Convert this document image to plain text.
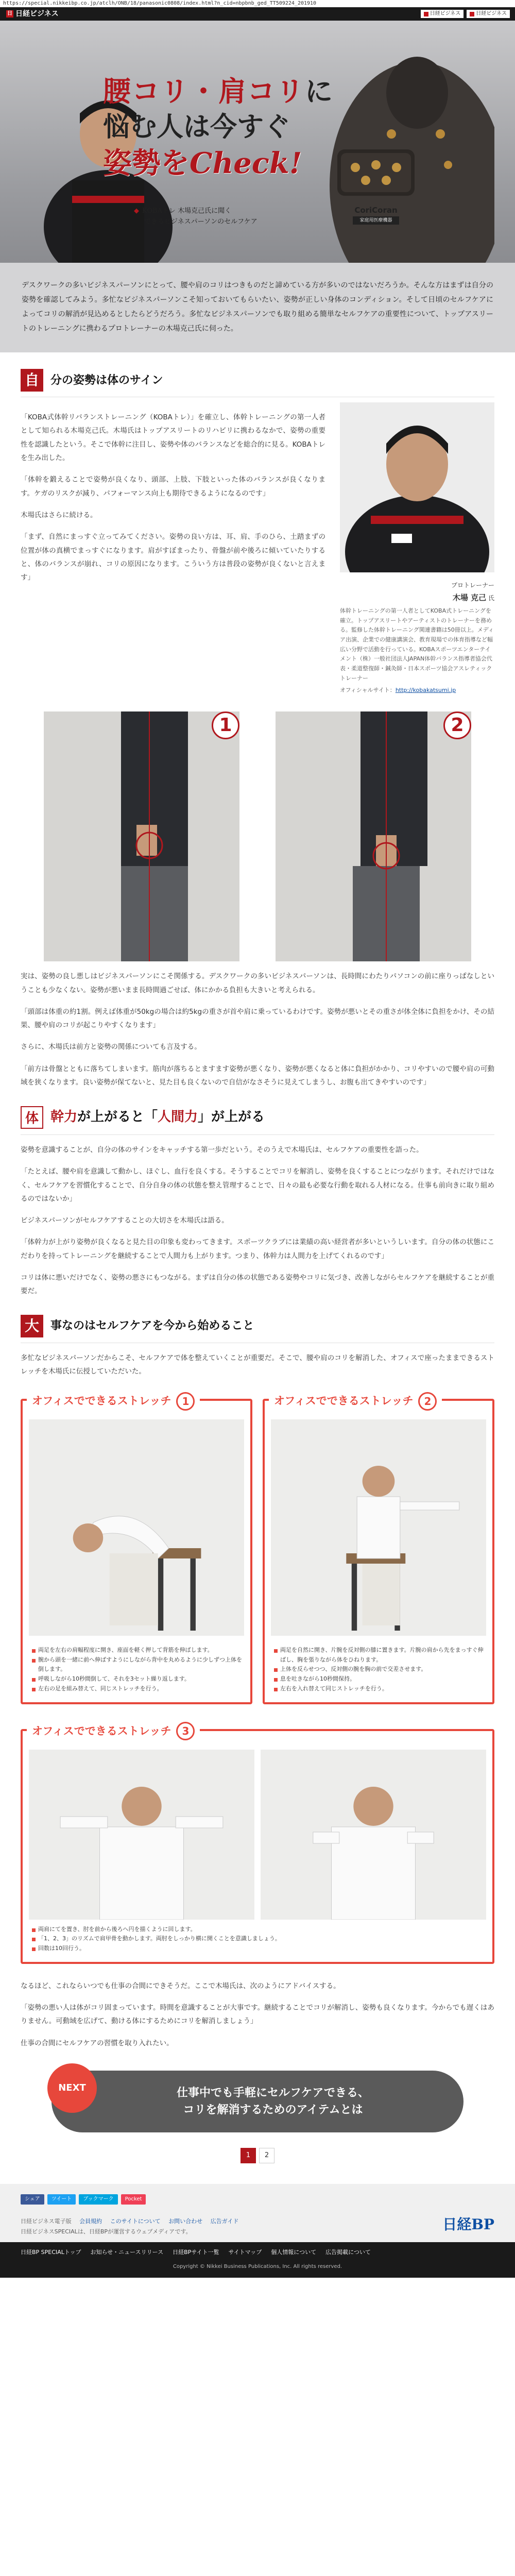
https://special.nikkeibp.co.jp/atclh/ONB/18/panasonic0808/index.html?n_cid=nbpbnb_ged_TT509224_201910
日 日経ビジネス	日経ビジネス	日経ビジネス
腰コリ・肩コリに
悩む人は今すぐ
姿勢をCheck!
◆ KOBAトレ 木場克己氏に聞く
できるビジネスパーソンのセルフケア
CoriCoran
家庭用医療機器
デスクワークの多いビジネスパーソンにとって、腰や肩のコリはつきものだと諦めている方が多いのではないだろうか。そんな方はまずは自分の姿勢を確認してみよう。多忙なビジネスパーソンこそ知っておいてもらいたい、姿勢が正しい身体のコンディション。そして日頃のセルフケアによってコリの解消が見込めるとしたらどうだろう。多忙なビジネスパーソンでも取り組める簡単なセルフケアの重要性について、トップアスリートのトレーニングに携わるプロトレーナーの木場克己氏に伺った。
自	分の姿勢は体のサイン

「KOBA式体幹リバランストレーニング（KOBAトレ）」を確立し、体幹トレーニングの第一人者として知られる木場克己氏。木場氏はトップアスリートのリハビリに携わるなかで、姿勢の重要性を認識したという。そこで体幹に注目し、姿勢や体のバランスなどを総合的に見る。KOBAトレを生み出した。

「体幹を鍛えることで姿勢が良くなり、頭部、上肢、下肢といった体のバランスが良くなります。ケガのリスクが減り、パフォーマンス向上も期待できるようになるのです」

木場氏はさらに続ける。

「まず、自然にまっすぐ立ってみてください。姿勢の良い方は、耳、肩、手のひら、土踏まずの位置が体の真横でまっすぐになります。肩がすぼまったり、骨盤が前や後ろに傾いていたりすると、体のバランスが崩れ、コリの原因になります。こういう方は普段の姿勢が良くないと言えます」

プロトレーナー
木場 克己 氏
体幹トレーニングの第一人者としてKOBA式トレーニングを確立。トップアスリートやアーティストのトレーナーを務める。監修した体幹トレーニング関連書籍は50冊以上。メディア出演、企業での健康講演会、教育現場での体育指導など幅広い分野で活動を行っている。KOBAスポーツエンターテイメント（株）一般社団法人JAPAN体幹バランス指導者協会代表・柔道整復師・鍼灸師・日本スポーツ協会アスレティックトレーナー
オフィシャルサイト：http://kobakatsumi.jp
1	2

実は、姿勢の良し悪しはビジネスパーソンにこそ関係する。デスクワークの多いビジネスパーソンは、長時間にわたりパソコンの前に座りっぱなしということも少なくない。姿勢が悪いまま長時間過ごせば、体にかかる負担も大きいと考えられる。

「頭部は体重の約1割。例えば体重が50kgの場合は約5kgの重さが首や肩に乗っているわけです。姿勢が悪いとその重さが体全体に負担をかけ、その結果、腰や肩のコリが起こりやすくなります」

さらに、木場氏は前方と姿勢の関係についても言及する。

「前方は骨盤とともに落ちてしまいます。筋肉が落ちるとますます姿勢が悪くなり、姿勢が悪くなると体に負担がかかり、コリやすいので腰や肩の可動域を狭くなります。良い姿勢が保てないと、見た目も良くないので自信がなさそうに見えてしまうし、お腹も出てきやすいのです」

体 幹力が上がると「人間力」が上がる

姿勢を意識することが、自分の体のサインをキャッチする第一歩だという。そのうえで木場氏は、セルフケアの重要性を語った。

「たとえば、腰や肩を意識して動かし、ほぐし、血行を良くする。そうすることでコリを解消し、姿勢を良くすることにつながります。それだけではなく、セルフケアを習慣化することで、自分自身の体の状態を整え管理することで、日々の最も必要な行動を取れる人材になる。仕事も前向きに取り組めるのではないか」

ビジネスパーソンがセルフケアすることの大切さを木場氏は語る。

「体幹力が上がり姿勢が良くなると見た目の印象も変わってきます。スポーツクラブには業績の高い経営者が多いというしいます。自分の体の状態にこだわりを持ってトレーニングを継続することで人間力も上がります。つまり、体幹力は人間力を上げてくれるのです」

コリは体に悪いだけでなく、姿勢の悪さにもつながる。まずは自分の体の状態である姿勢やコリに気づき、改善しながらセルフケアを継続することが重要だ。

大	事なのはセルフケアを今から始めること

多忙なビジネスパーソンだからこそ、セルフケアで体を整えていくことが重要だ。そこで、腰や肩のコリを解消した、オフィスで座ったままできるストレッチを木場氏に伝授していただいた。

オフィスでできるストレッチ	1
両足を左右の肩幅程度に開き、座面を軽く押して背筋を伸ばします。
腕から頭を一緒に前へ伸ばすようにしながら背中を丸めるように少しずつ上体を倒します。
呼吸しながら10秒間倒して、それを3セット繰り返します。
左右の足を組み替えて、同じストレッチを行う。
オフィスでできるストレッチ	2
両足を自然に開き、片腕を反対側の膝に置きます。片腕の肩から先をまっすぐ伸ばし、胸を張りながら体をひねります。
上体を反らせつつ、反対側の腕を胸の前で交差させます。
息を吐きながら10秒間保持。
左右を入れ替えて同じストレッチを行う。
オフィスでできるストレッチ	3
両肩にてを置き、肘を前から後ろへ円を描くように回します。
「1、2、3」のリズムで肩甲骨を動かします。両肘をしっかり横に開くことを意識しましょう。
回数は10回行う。

なるほど、これならいつでも仕事の合間にできそうだ。ここで木場氏は、次のようにアドバイスする。

「姿勢の悪い人は体がコリ固まっています。時間を意識することが大事です。継続することでコリが解消し、姿勢も良くなります。今からでも遅くはありません。可動域を広げて、動ける体にするためにコリを解消しましょう」

仕事の合間にセルフケアの習慣を取り入れたい。

NEXT	仕事中でも手軽にセルフケアできる、
コリを解消するためのアイテムとは
1	2
シェア	ツイート	ブックマーク	Pocket
日経ビジネス電子版 会員規約 このサイトについて お問い合わせ 広告ガイド
日経ビジネスSPECIALは、日経BPが運営するウェブメディアです。	日経BP
日経BP SPECIALトップ お知らせ・ニュースリリース 日経BPサイト一覧 サイトマップ 個人情報について 広告掲載について
Copyright © Nikkei Business Publications, Inc. All rights reserved.
